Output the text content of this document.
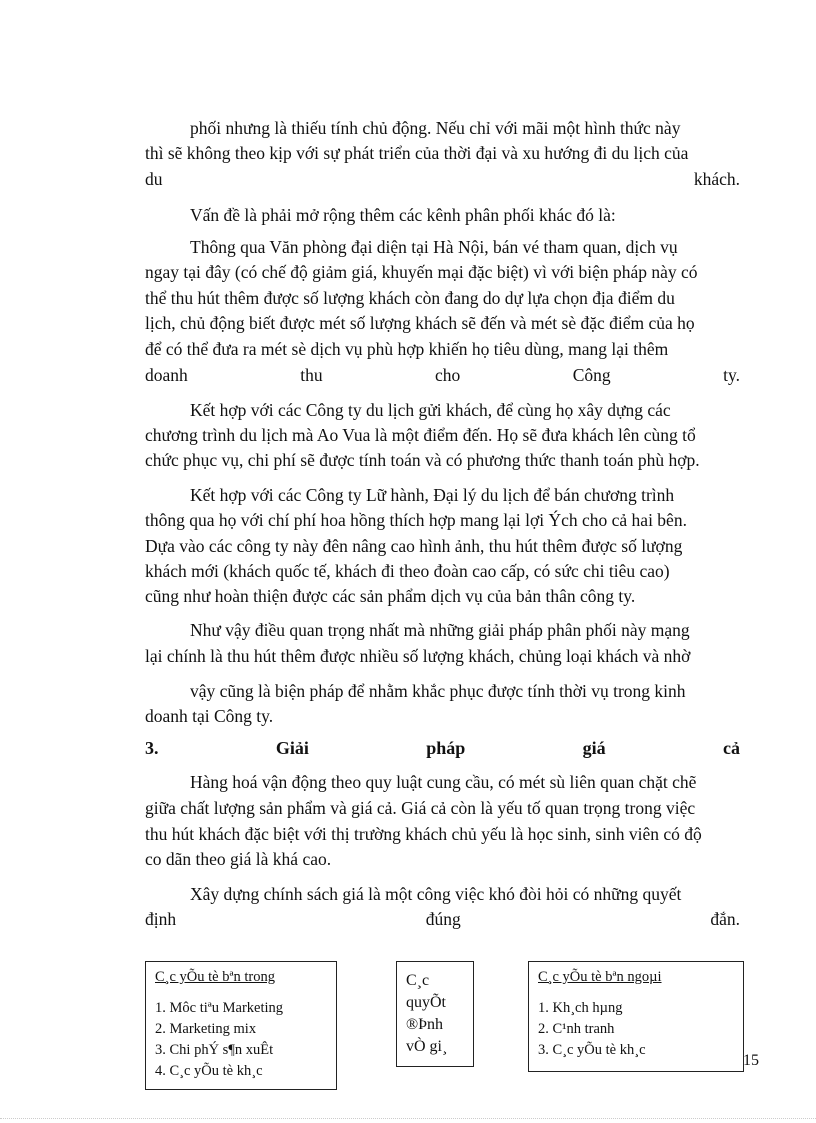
phối nhưng là thiếu tính chủ động. Nếu chỉ với mãi một hình thức này
thì sẽ không theo kịp với sự phát triển của thời đại và xu hướng đi du lịch của
du	khách.
Vấn đề là phải mở rộng thêm các kênh phân phối khác đó là:
Thông qua Văn phòng đại diện tại Hà Nội, bán vé tham quan, dịch vụ
ngay tại đây (có chế độ giảm giá, khuyến mại đặc biệt) vì với biện pháp này có
thể thu hút thêm được số lượng khách còn đang do dự lựa chọn địa điểm du
lịch, chủ động biết được mét số lượng khách sẽ đến và mét sè đặc điểm của họ
để có thể đưa ra mét sè dịch vụ phù hợp khiến họ tiêu dùng, mang lại thêm
doanh	thu	cho	Công	ty.
Kết hợp với các Công ty du lịch gửi khách, để cùng họ xây dựng các
chương trình du lịch mà Ao Vua là một điểm đến. Họ sẽ đưa khách lên cùng tổ
chức phục vụ, chi phí sẽ được tính toán và có phương thức thanh toán phù hợp.
Kết hợp với các Công ty Lữ hành, Đại lý du lịch để bán chương trình
thông qua họ với chí phí hoa hồng thích hợp mang lại lợi Ých cho cả hai bên.
Dựa vào các công ty này đên nâng cao hình ảnh, thu hút thêm được số lượng
khách mới (khách quốc tế, khách đi theo đoàn cao cấp, có sức chi tiêu cao)
cũng như hoàn thiện được các sản phẩm dịch vụ của bản thân công ty.
Như vậy điều quan trọng nhất mà những giải pháp phân phối này mạng
lại chính là thu hút thêm được nhiều số lượng khách, chủng loại khách và nhờ
vậy cũng là biện pháp để nhằm khắc phục được tính thời vụ trong kinh
doanh tại Công ty.
3.	Giải	pháp	giá	cả
Hàng hoá vận động theo quy luật cung cầu, có mét sù liên quan chặt chẽ
giữa chất lượng sản phẩm và giá cả. Giá cả còn là yếu tố quan trọng trong việc
thu hút khách đặc biệt với thị trường khách chủ yếu là học sinh, sinh viên có độ
co dãn theo giá là khá cao.
Xây dựng chính sách giá là một công việc khó đòi hỏi có những quyết
định	đúng	đắn.
C¸c yÕu tè bªn trong
1. Môc tiªu Marketing
2. Marketing mix
3. Chi phÝ s¶n xuÊt
4. C¸c yÕu tè kh¸c
C¸c
quyÕt
®Þnh
vÒ gi¸
C¸c yÕu tè bªn ngoµi
1. Kh¸ch hµng
2. C¹nh tranh
3. C¸c yÕu tè kh¸c
15
